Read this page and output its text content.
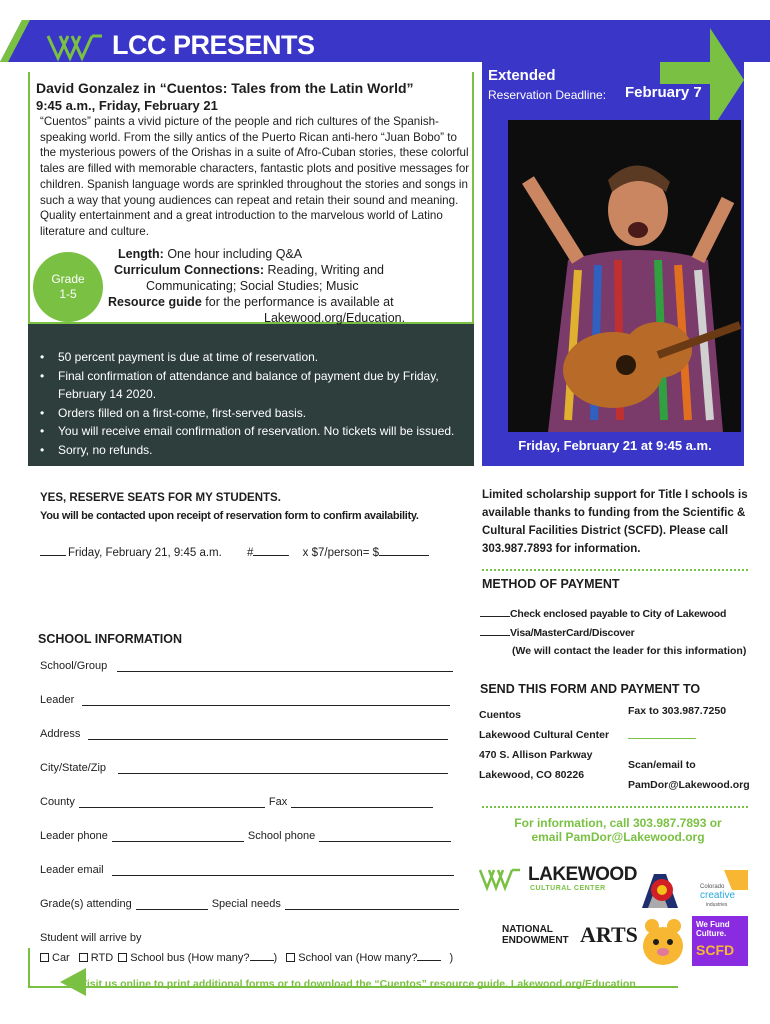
LCC PRESENTS
David Gonzalez in “Cuentos: Tales from the Latin World”
9:45 a.m., Friday, February 21
“Cuentos” paints a vivid picture of the people and rich cultures of the Spanish-speaking world. From the silly antics of the Puerto Rican anti-hero “Juan Bobo” to the mysterious powers of the Orishas in a suite of Afro-Cuban stories, these colorful tales are filled with memorable characters, fantastic plots and positive messages for children. Spanish language words are sprinkled throughout the stories and songs in such a way that young audiences can repeat and retain their sound and meaning. Quality entertainment and a great introduction to the marvelous world of Latino literature and culture.
Grade
1-5
Length: One hour including Q&A
Curriculum Connections: Reading, Writing and
Communicating; Social Studies; Music
Resource guide for the performance is available at
Lakewood.org/Education.
• 50 percent payment is due at time of reservation.
• Final confirmation of attendance and balance of payment due by Friday, February 14 2020.
• Orders filled on a first-come, first-served basis.
• You will receive email confirmation of reservation. No tickets will be issued.
• Sorry, no refunds.
Extended
Reservation Deadline: February 7
Friday, February 21 at 9:45 a.m.
YES, RESERVE SEATS FOR MY STUDENTS.
You will be contacted upon receipt of reservation form to confirm availability.
Friday, February 21, 9:45 a.m. #	x $7/person= $
SCHOOL INFORMATION
School/Group
Leader
Address
City/State/Zip
County	Fax
Leader phone	School phone
Leader email
Grade(s) attending	Special needs
Student will arrive by
Car RTD School bus (How many? ) School van (How many?	)
Visit us online to print additional forms or to download the “Cuentos” resource guide. Lakewood.org/Education
Limited scholarship support for Title I schools is available thanks to funding from the Scientific & Cultural Facilities District (SCFD). Please call 303.987.7893 for information.
METHOD OF PAYMENT
Check enclosed payable to City of Lakewood
Visa/MasterCard/Discover
(We will contact the leader for this information)
SEND THIS FORM AND PAYMENT TO
Cuentos
Lakewood Cultural Center
470 S. Allison Parkway
Lakewood, CO 80226
Fax to 303.987.7250
Scan/email to
PamDor@Lakewood.org
For information, call 303.987.7893 or
email PamDor@Lakewood.org
LAKEWOOD
CULTURAL CENTER	Colorado
creative
industries
NATIONAL
ENDOWMENT ARTS	We Fund Culture.
SCFD
